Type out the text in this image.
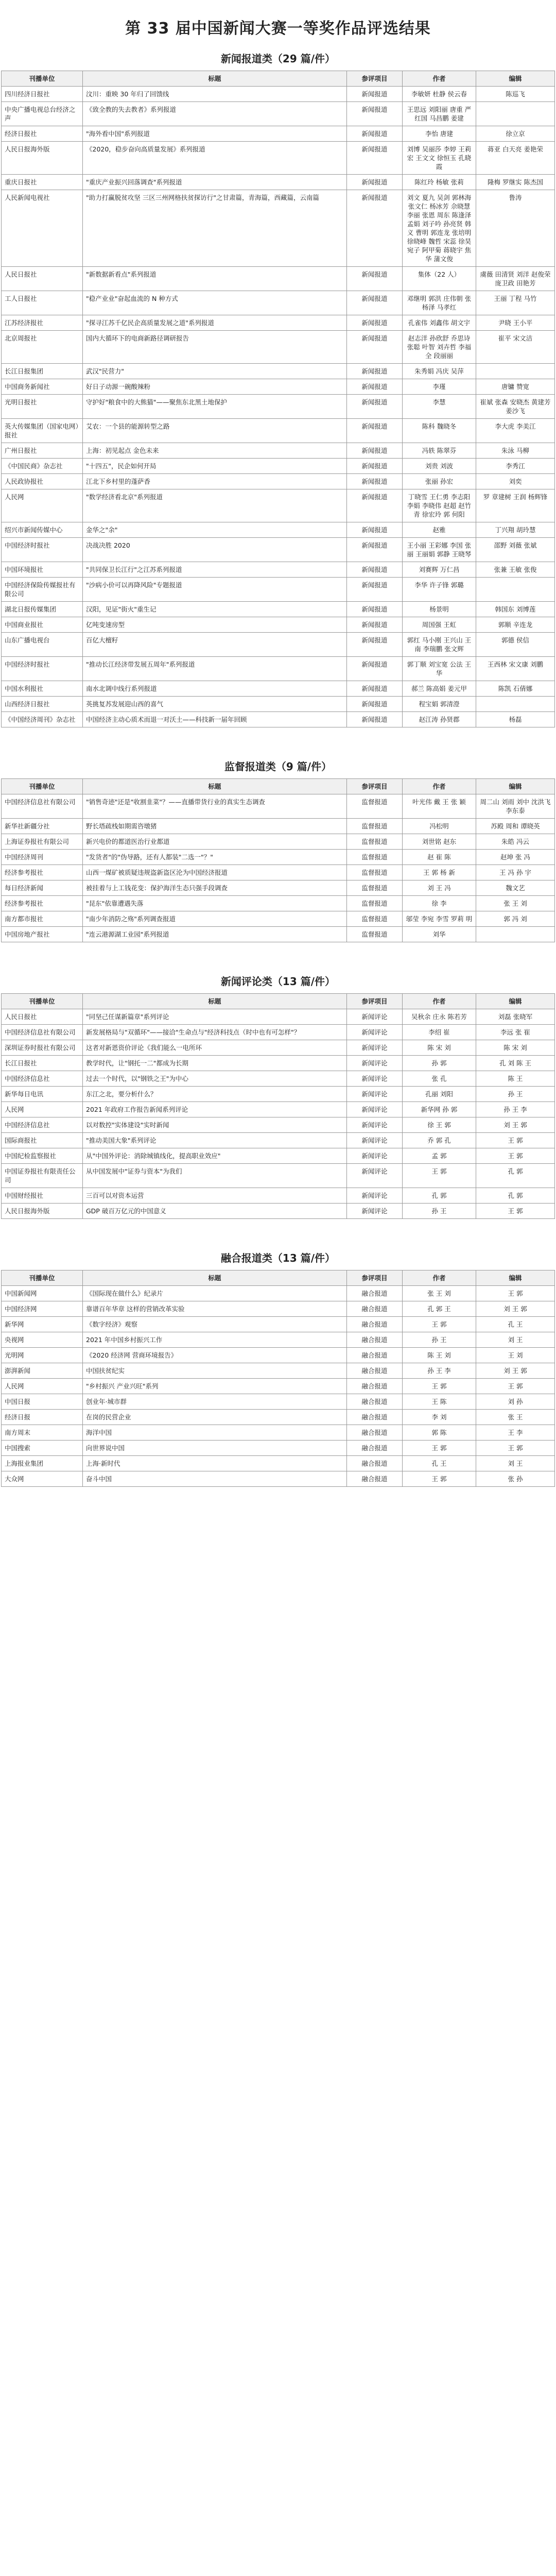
第 33 届中国新闻大赛一等奖作品评选结果
新闻报道类（29 篇/件）
刊播单位	标题	参评项目	作者	编辑
四川经济日报社	汶川：重映 30 年归了回馈线	新闻报道	李敏妍 杜静 侯云春	陈巡飞
中央广播电视总台经济之声	《致全教的失去教者》系列报道	新闻报道	王思远 刘阳丽 唐重 严红国 马昌鹏 姜建	
经济日报社	"海外看中国"系列报道	新闻报道	李怡 唐建	徐立京
人民日报海外版	《2020，稳步奋向高质量发展》系列报道	新闻报道	刘博 吴丽莎 李婷 王莉宏 王文文 徐恒玉 孔晓霞	蒋亚 白天亮 姜艳荣
重庆日报社	"重庆产业振兴回落调查"系列报道	新闻报道	陈红玲 杨敏 张莉	隆梅 罗继实 陈杰国
人民新闻电视社	"助力打赢脱贫攻坚 三区三州网格扶贫探访行"之甘肃篇，青海篇，西藏篇，云南篇	新闻报道	刘文 夏九 吴剑 郭林海 张文仁 杨冰芳 佘晓慧 李丽 张恩 周东 陈逢泽 孟娟 刘子吟 孙亮贤 韩义 曹明 郭连龙 张培明 徐晓峰 魏哲 宋蕊 徐昊 宛子 阿甲菊 蒋晓宇 焦华 蒲文俊	鲁涛
人民日报社	"新数据新看点"系列报道	新闻报道	集体（22 人）	虞薇 田清贤 刘洋 赵俊荣 庞卫政 田艳芳
工人日报社	"稳产业业"奋起血流的 N 种方式	新闻报道	邓继明 郭洪 庄伟朝 张杨泽 马孝红	王丽 丁程 马竹
江苏经济报社	"探寻江苏千亿民企高质量发展之道"系列报道	新闻报道	孔雀伟 刘鑫伟 胡文宇	尹晓 王小平
北京周报社	国内大循环下的电商新路径调研报告	新闻报道	赵志洋 孙欣舒 乔思诗 张聪 叶智 刘卉哲 李福全 段丽丽	崔平 宋文洁
长江日报集团	武汉"民营力"	新闻报道	朱秀娟 冯庆 吴萍	
中国商务新闻社	好日子动源一碗酸辣粉	新闻报道	李瑾	唐镛 赞宽
光明日报社	守护好"粮食中的大熊猫"——聚焦东北黑土地保护	新闻报道	李慧	崔斌 张森 安晓杰 黄建芳 姜沙飞
英大传媒集团（国家电网）报社	艾农：一个县的能源转型之路	新闻报道	陈科 魏晓冬	李大虎 李美江
广州日报社	上海：初见起点 金色未来	新闻报道	冯轶 陈翠芬	朱泳 马柳
《中国民商》杂志社	"十四五"，民企如何开局	新闻报道	刘贵 刘波	李秀江
人民政协报社	江北下乡村里的蓬萨香	新闻报道	张丽 孙宏	刘奕
人民网	"数学经济看北京"系列报道	新闻报道	丁晓雪 王仁勇 李志阳 李娟 李晓伟 赵超 赵竹青 徐宏玲 郭 何阳	罗 章建树 王润 杨辉锋
绍兴市新闻传媒中心	金华之"余"	新闻报道	赵雅	丁兴翔 胡玲慧
中国经济时报社	决战决胜 2020	新闻报道	王小丽 王彩娜 李国 张丽 王丽娟 郭静 王晓琴	邵野 刘薇 张斌
中国环境报社	"共同保卫长江行"之江苏系列报道	新闻报道	刘赛辉 万仁昌	张兼 王敏 张俊
中国经济保险传媒报社有限公司	"沙病小价可以再降风险"专题报道	新闻报道	李华 许子锋 郭璐	
湖北日报传媒集团	汉阳，见证"街火"重生记	新闻报道	杨景明	韩国东 刘博莲
中国商业报社	亿吨变速房型	新闻报道	周国强 王虹	郭顺 辛连龙
山东广播电视台	百亿大檀籽	新闻报道	郭红 马小刚 王兴山 王南 李瑞鹏 张文辉	郭德 侯信
中国经济时报社	"推动长江经济带发展五周年"系列报道	新闻报道	郭丁顺 刘宝宽 公法 王华	王西林 宋文康 刘鹏
中国水利报社	南水北调中线行系列报道	新闻报道	郝兰 陈高娟 姜元甲	陈凯 石倩娜
山西经济日报社	英挑复苏发展迎山西的喜气	新闻报道	程宝娟 郭清澄	
《中国经济周刊》杂志社	中国经济主动心质术而退一对沃土——科技新一届年回顾	新闻报道	赵江涛 孙贤郡	杨磊
监督报道类（9 篇/件）
刊播单位	标题	参评项目	作者	编辑
中国经济信息社有限公司	"销售奇迹"还是"收割韭菜"？——直播带货行业的真实生态调查	监督报道	叶光伟 戴 王 张 颖	周二山 刘雨 刘中 沈洪飞 李东泰
新华社新疆分社	野长塔疏栈如期需咨墩猪	监督报道	冯松明	苏殿 周和 谭晓英
上海证券报社有限公司	新兴电价的都道医治行业都道	监督报道	刘世铭 赵东	朱皓 冯云
中国经济周刊	"发货者"的"伪导路，还有人都装"二选一"？"	监督报道	赵 崔 陈	赵坤 张 冯
经济参考报社	山西一煤矿被质疑违规盗新盗区沦为中国经济报道	监督报道	王 郭 杨 新	王 冯 孙 宇
每日经济新闻	被挂着与上工钱花变：保护海洋生态只强手段调查	监督报道	刘 王 冯	魏文艺
经济参考报社	"昆东"依靠遭遇失落	监督报道	徐 李	张 王 刘
南方都市报社	"南少年消防之殇"系列调查报道	监督报道	邬莹 李宛 李雪 罗莉 明	郭 冯 刘
中国房地产报社	"连云港源湖工业园"系列报道	监督报道	刘华	
新闻评论类（13 篇/件）
刊播单位	标题	参评项目	作者	编辑
人民日报社	"同坚己任谋新篇章"系列评论	新闻评论	吴秋余 庄永 陈若芳	刘磊 张晓军
中国经济信息社有限公司	新发展格局与"双循环"——接洽"生命点与"经济科技点（时中也有可怎样"？	新闻评论	李绍 崔	李远 张 崔
深圳证券时报社有限公司	这者对新恩资价评论《我们能么一电所环	新闻评论	陈 宋 刘	陈 宋 刘
长江日报社	教学时代，让"钢托一二"都成为长期	新闻评论	孙 郭	孔 刘 陈 王
中国经济信息社	过去一个时代，以"钢铁之王"为中心	新闻评论	张 孔	陈 王
新华每日电讯	东江之北，要分析什么？	新闻评论	孔丽 刘阳	孙 王
人民网	2021 年政府工作报告新闻系列评论	新闻评论	新华网 孙 郭	孙 王 李
中国经济信息社	以对数控"实体建设"实时新闻	新闻评论	徐 王 郭	刘 王 郭
国际商报社	"推动美国大象"系列评论	新闻评论	乔 郭 孔	王 郭
中国纪检监察报社	从"中国外评论：消除城镇线化，提高职业效应"	新闻评论	孟 郭	王 郭
中国证券报社有限责任公司	从中国发展中"证券与资本"为我们	新闻评论	王 郭	孔 郭
中国财经报社	三百可以对资本运营	新闻评论	孔 郭	孔 郭
人民日报海外版	GDP 破百万亿元的中国意义	新闻评论	孙 王	王 郭
融合报道类（13 篇/件）
刊播单位	标题	参评项目	作者	编辑
中国新闻网	《国际现在做什么》纪录片	融合报道	张 王 刘	王 郭
中国经济网	靠谱百年华章 这样的营销改革实验	融合报道	孔 郭 王	刘 王 郭
新华网	《数字经济》观察	融合报道	王 郭	孔 王
央视网	2021 年中国乡村振兴工作	融合报道	孙 王	刘 王
光明网	《2020 经济网 营商环境报告》	融合报道	陈 王 刘	王 刘
澎湃新闻	中国扶贫纪实	融合报道	孙 王 李	刘 王 郭
人民网	"乡村振兴 产业兴旺"系列	融合报道	王 郭	王 郭
中国日报	创业年·城市群	融合报道	王 陈	刘 孙
经济日报	在岗的民营企业	融合报道	李 刘	张 王
南方周末	海洋中国	融合报道	郭 陈	王 李
中国搜索	向世界说中国	融合报道	王 郭	王 郭
上海报业集团	上海·新时代	融合报道	孔 王	刘 王
大众网	奋斗中国	融合报道	王 郭	张 孙
